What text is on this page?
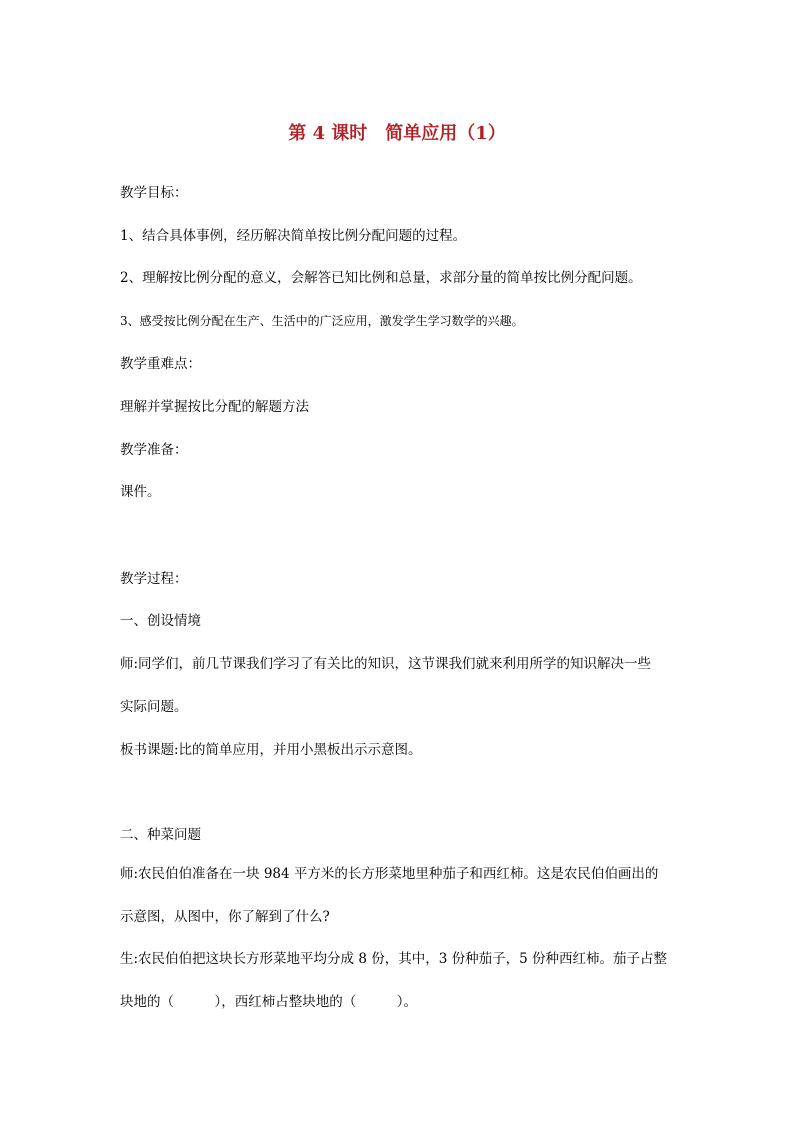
第 4 课时　简单应用（1）
教学目标：
1、结合具体事例，经历解决简单按比例分配问题的过程。
2、理解按比例分配的意义，会解答已知比例和总量，求部分量的简单按比例分配问题。
3、感受按比例分配在生产、生活中的广泛应用，激发学生学习数学的兴趣。
教学重难点：
理解并掌握按比分配的解题方法
教学准备：
课件。
教学过程：
一、创设情境
师:同学们，前几节课我们学习了有关比的知识，这节课我们就来利用所学的知识解决一些
实际问题。
板书课题:比的简单应用，并用小黑板出示示意图。
二、种菜问题
师:农民伯伯准备在一块 984 平方米的长方形菜地里种茄子和西红柿。这是农民伯伯画出的
示意图，从图中，你了解到了什么?
生:农民伯伯把这块长方形菜地平均分成 8 份，其中，3 份种茄子，5 份种西红柿。茄子占整
块地的（　　　），西红柿占整块地的（　　　）。
